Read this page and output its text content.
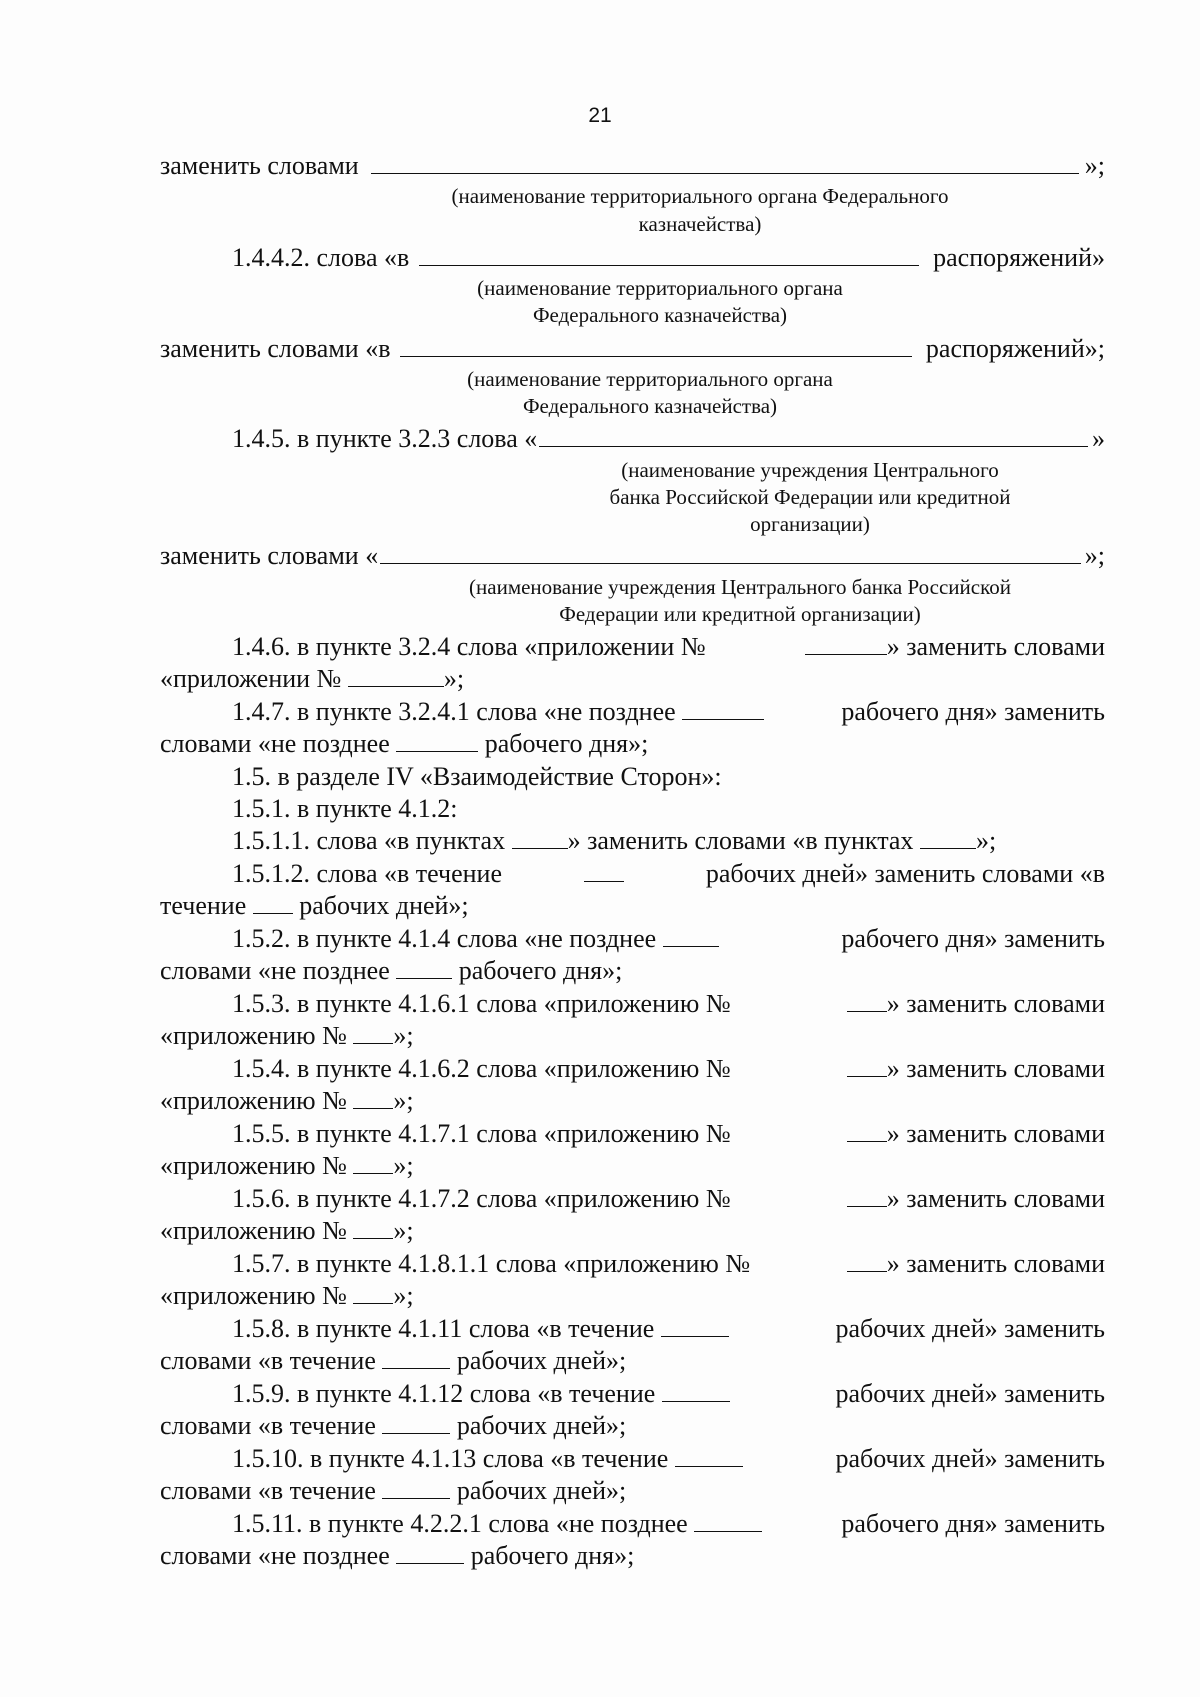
21
заменить словами	»;
(наименование территориального органа Федерального
казначейства)
1.4.4.2. слова «в	распоряжений»
(наименование территориального органа
Федерального казначейства)
заменить словами «в	распоряжений»;
(наименование территориального органа
Федерального казначейства)
1.4.5. в пункте 3.2.3 слова «	»
(наименование учреждения Центрального
банка Российской Федерации или кредитной
организации)
заменить словами «	»;
(наименование учреждения Центрального банка Российской
Федерации или кредитной организации)
1.4.6. в пункте 3.2.4 слова «приложении №	» заменить словами
«приложении №	»;
1.4.7. в пункте 3.2.4.1 слова «не позднее	рабочего дня» заменить
словами «не позднее	рабочего дня»;
1.5. в разделе IV «Взаимодействие Сторон»:
1.5.1. в пункте 4.1.2:
1.5.1.1. слова «в пунктах » заменить словами «в пунктах »;
1.5.1.2. слова «в течение	рабочих дней» заменить словами «в
течение рабочих дней»;
1.5.2. в пункте 4.1.4 слова «не позднее	рабочего дня» заменить
словами «не позднее	рабочего дня»;
1.5.3. в пункте 4.1.6.1 слова «приложению №	» заменить словами
«приложению № »;
1.5.4. в пункте 4.1.6.2 слова «приложению №	» заменить словами
«приложению № »;
1.5.5. в пункте 4.1.7.1 слова «приложению №	» заменить словами
«приложению № »;
1.5.6. в пункте 4.1.7.2 слова «приложению №	» заменить словами
«приложению № »;
1.5.7. в пункте 4.1.8.1.1 слова «приложению №	» заменить словами
«приложению № »;
1.5.8. в пункте 4.1.11 слова «в течение	рабочих дней» заменить
словами «в течение	рабочих дней»;
1.5.9. в пункте 4.1.12 слова «в течение	рабочих дней» заменить
словами «в течение	рабочих дней»;
1.5.10. в пункте 4.1.13 слова «в течение	рабочих дней» заменить
словами «в течение	рабочих дней»;
1.5.11. в пункте 4.2.2.1 слова «не позднее	рабочего дня» заменить
словами «не позднее	рабочего дня»;
